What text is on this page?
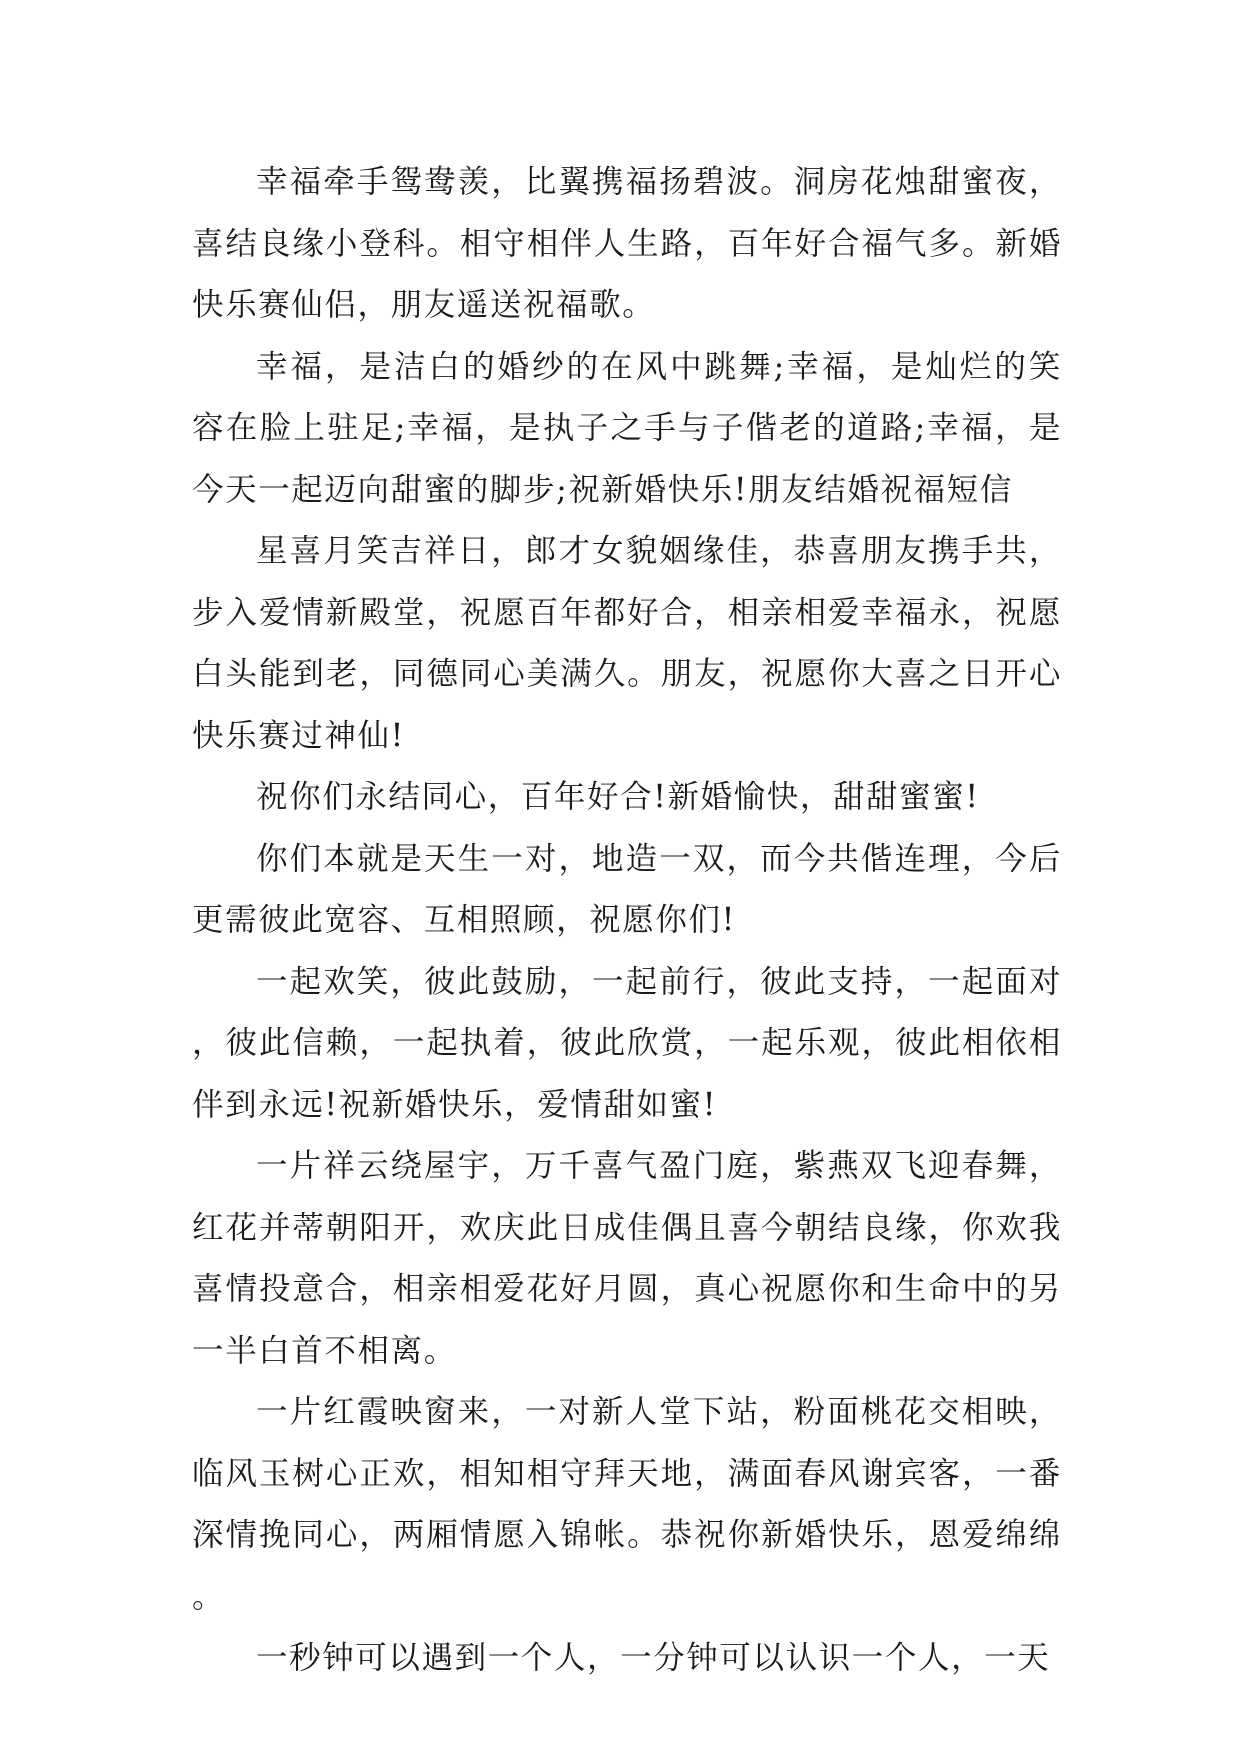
幸福牵手鸳鸯羡，比翼携福扬碧波。洞房花烛甜蜜夜，喜结良缘小登科。相守相伴人生路，百年好合福气多。新婚快乐赛仙侣，朋友遥送祝福歌。

幸福，是洁白的婚纱的在风中跳舞;幸福，是灿烂的笑容在脸上驻足;幸福，是执子之手与子偕老的道路;幸福，是今天一起迈向甜蜜的脚步;祝新婚快乐!朋友结婚祝福短信

星喜月笑吉祥日，郎才女貌姻缘佳，恭喜朋友携手共，步入爱情新殿堂，祝愿百年都好合，相亲相爱幸福永，祝愿白头能到老，同德同心美满久。朋友，祝愿你大喜之日开心快乐赛过神仙!

祝你们永结同心，百年好合!新婚愉快，甜甜蜜蜜!

你们本就是天生一对，地造一双，而今共偕连理，今后更需彼此宽容、互相照顾，祝愿你们!

一起欢笑，彼此鼓励，一起前行，彼此支持，一起面对，彼此信赖，一起执着，彼此欣赏，一起乐观，彼此相依相伴到永远!祝新婚快乐，爱情甜如蜜!

一片祥云绕屋宇，万千喜气盈门庭，紫燕双飞迎春舞，红花并蒂朝阳开，欢庆此日成佳偶且喜今朝结良缘，你欢我喜情投意合，相亲相爱花好月圆，真心祝愿你和生命中的另一半白首不相离。

一片红霞映窗来，一对新人堂下站，粉面桃花交相映，临风玉树心正欢，相知相守拜天地，满面春风谢宾客，一番深情挽同心，两厢情愿入锦帐。恭祝你新婚快乐，恩爱绵绵。

一秒钟可以遇到一个人，一分钟可以认识一个人，一天
